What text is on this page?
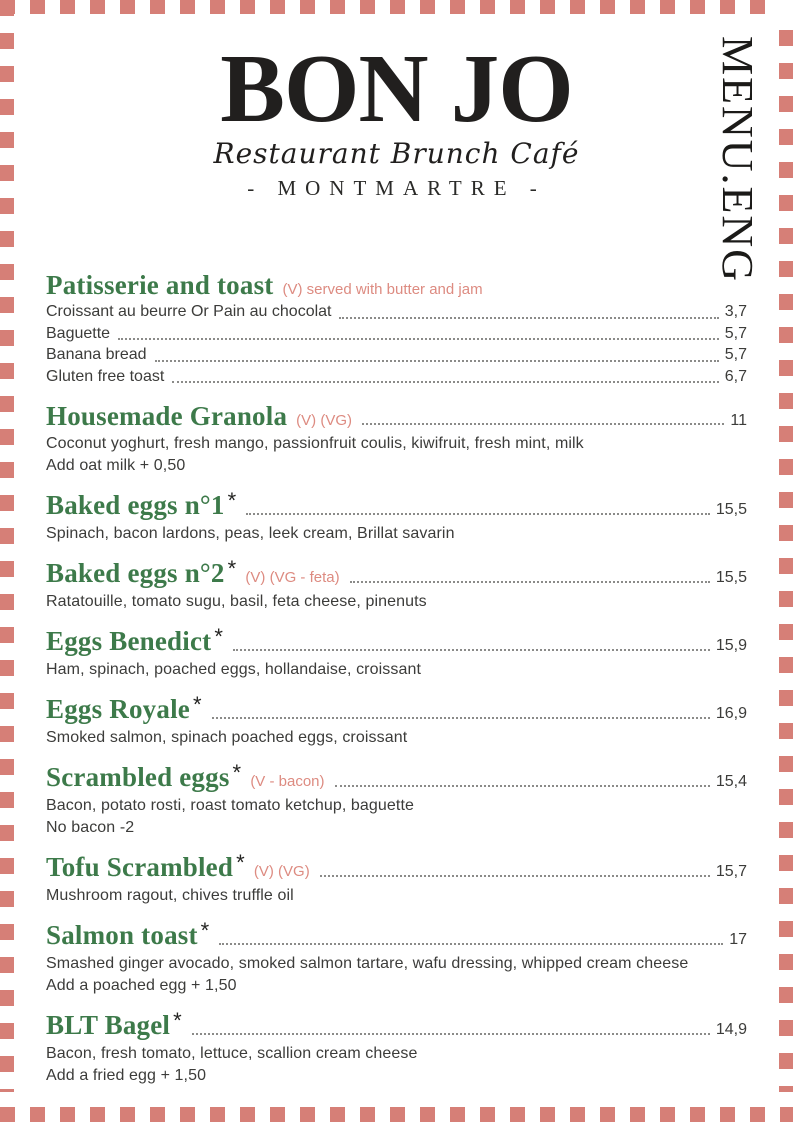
MENU.ENG
BON JO
Restaurant Brunch Café
- MONTMARTRE -
Patisserie and toast (V) served with butter and jam
Croissant au beurre Or Pain au chocolat	3,7
Baguette	5,7
Banana bread	5,7
Gluten free toast	6,7
Housemade Granola (V) (VG)	11

Coconut yoghurt, fresh mango, passionfruit coulis, kiwifruit, fresh mint, milk

Add oat milk + 0,50

Baked eggs n°1 *	15,5

Spinach, bacon lardons, peas, leek cream, Brillat savarin

Baked eggs n°2 * (V) (VG - feta)	15,5

Ratatouille, tomato sugu, basil, feta cheese, pinenuts

Eggs Benedict *	15,9

Ham, spinach, poached eggs, hollandaise, croissant

Eggs Royale *	16,9

Smoked salmon, spinach poached eggs, croissant

Scrambled eggs * (V - bacon)	15,4

Bacon, potato rosti, roast tomato ketchup, baguette

No bacon -2

Tofu Scrambled * (V) (VG)	15,7

Mushroom ragout, chives truffle oil

Salmon toast *	17

Smashed ginger avocado, smoked salmon tartare, wafu dressing, whipped cream cheese

Add a poached egg + 1,50

BLT Bagel *	14,9

Bacon, fresh tomato, lettuce, scallion cream cheese

Add a fried egg + 1,50
